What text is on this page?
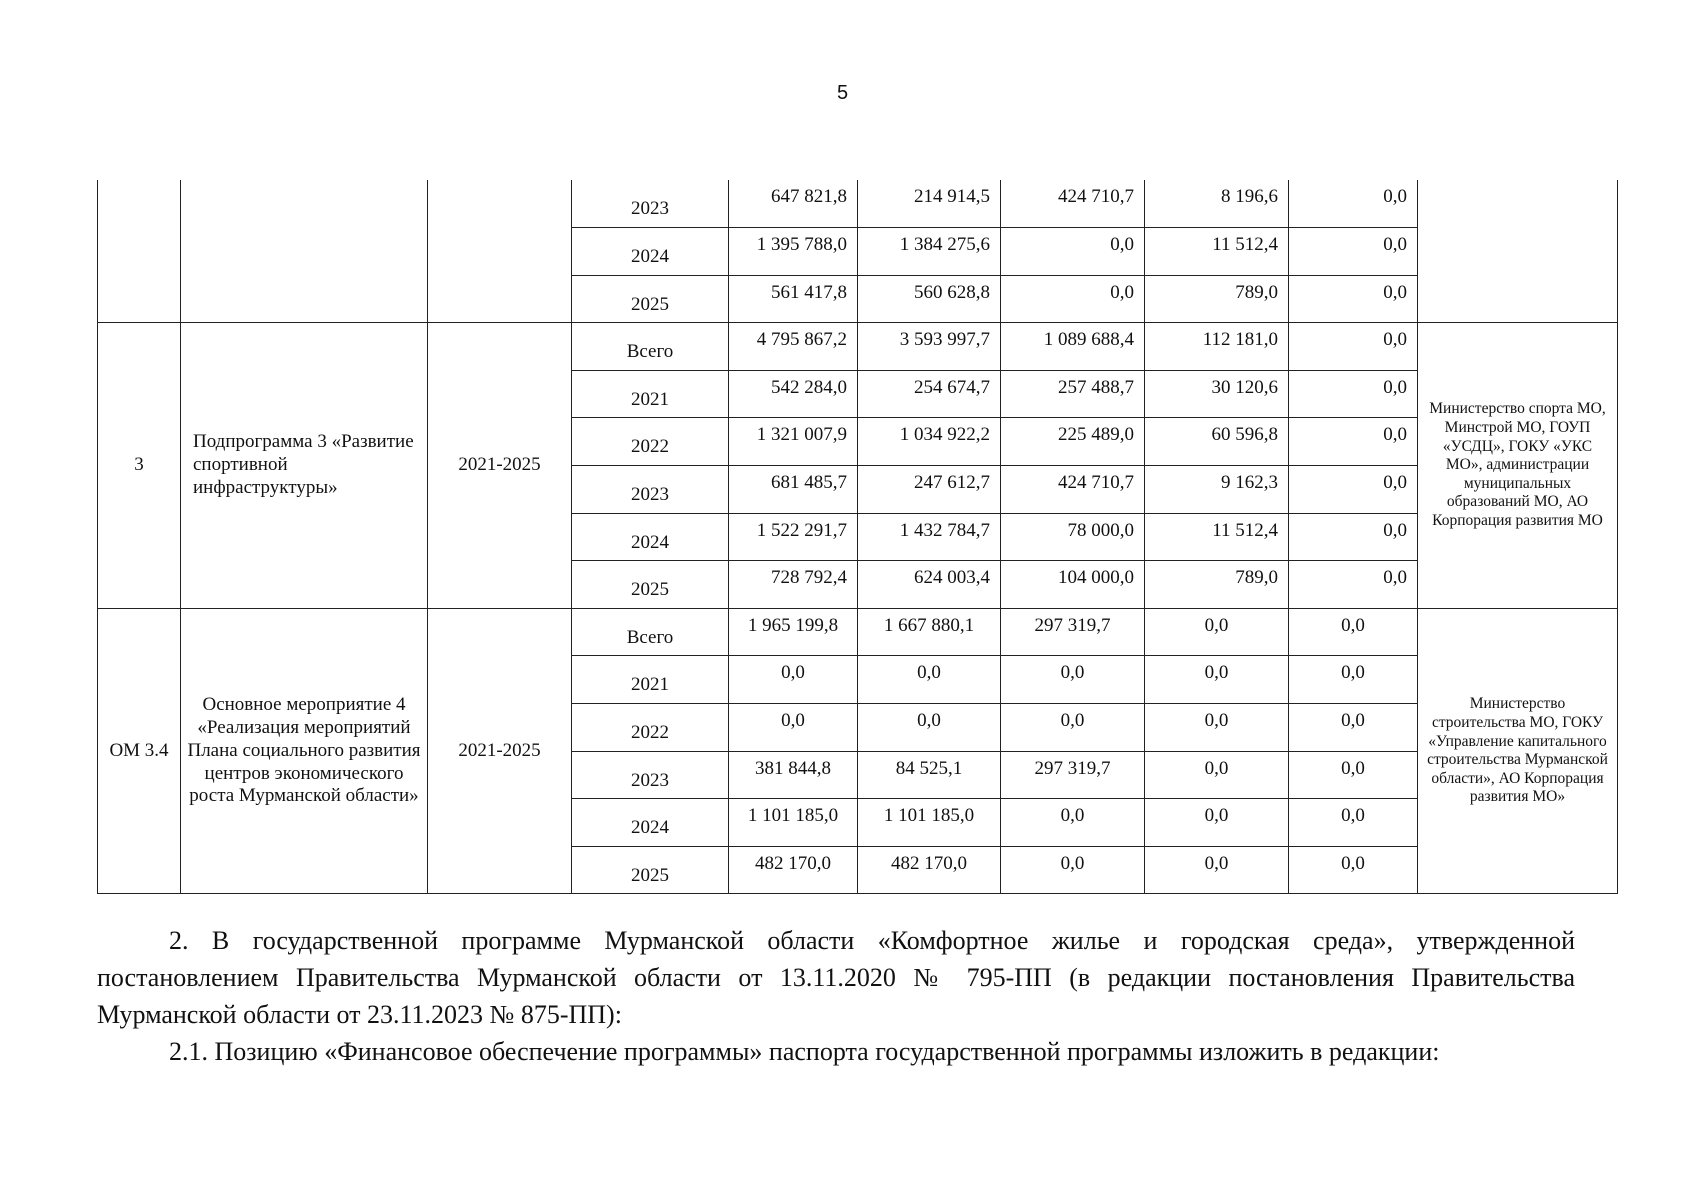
5
			2023	647 821,8	214 914,5	424 710,7	8 196,6	0,0	
			2024	1 395 788,0	1 384 275,6	0,0	11 512,4	0,0	
			2025	561 417,8	560 628,8	0,0	789,0	0,0	
3	Подпрограмма 3 «Развитие спортивной инфраструктуры»	2021-2025	Всего	4 795 867,2	3 593 997,7	1 089 688,4	112 181,0	0,0	Министерство спорта МО, Минстрой МО, ГОУП «УСДЦ», ГОКУ «УКС МО», администрации муниципальных образований МО, АО Корпорация развития МО
			2021	542 284,0	254 674,7	257 488,7	30 120,6	0,0	
			2022	1 321 007,9	1 034 922,2	225 489,0	60 596,8	0,0	
			2023	681 485,7	247 612,7	424 710,7	9 162,3	0,0	
			2024	1 522 291,7	1 432 784,7	78 000,0	11 512,4	0,0	
			2025	728 792,4	624 003,4	104 000,0	789,0	0,0	
ОМ 3.4	Основное мероприятие 4 «Реализация мероприятий Плана социального развития центров экономического роста Мурманской области»	2021-2025	Всего	1 965 199,8	1 667 880,1	297 319,7	0,0	0,0	Министерство строительства МО, ГОКУ «Управление капитального строительства Мурманской области», АО Корпорация развития МО»
			2021	0,0	0,0	0,0	0,0	0,0	
			2022	0,0	0,0	0,0	0,0	0,0	
			2023	381 844,8	84 525,1	297 319,7	0,0	0,0	
			2024	1 101 185,0	1 101 185,0	0,0	0,0	0,0	
			2025	482 170,0	482 170,0	0,0	0,0	0,0	

2. В государственной программе Мурманской области «Комфортное жилье и городская среда», утвержденной постановлением Правительства Мурманской области от 13.11.2020 № 795-ПП (в редакции постановления Правительства Мурманской области от 23.11.2023 № 875-ПП):

2.1. Позицию «Финансовое обеспечение программы» паспорта государственной программы изложить в редакции:
